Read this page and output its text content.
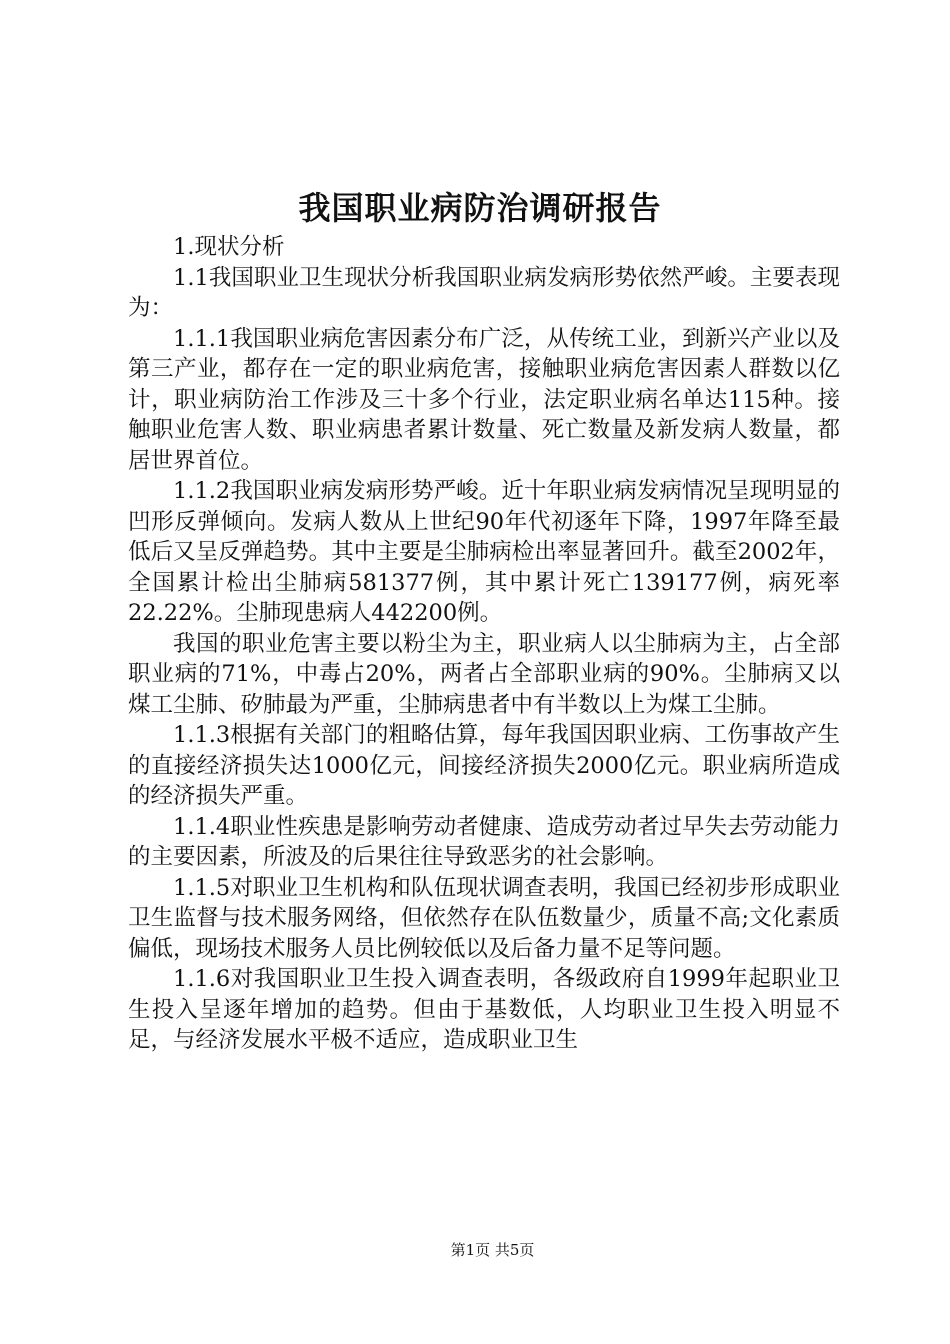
我国职业病防治调研报告

1.现状分析

1.1我国职业卫生现状分析我国职业病发病形势依然严峻。主要表现为：

1.1.1我国职业病危害因素分布广泛，从传统工业，到新兴产业以及第三产业，都存在一定的职业病危害，接触职业病危害因素人群数以亿计，职业病防治工作涉及三十多个行业，法定职业病名单达115种。接触职业危害人数、职业病患者累计数量、死亡数量及新发病人数量，都居世界首位。

1.1.2我国职业病发病形势严峻。近十年职业病发病情况呈现明显的凹形反弹倾向。发病人数从上世纪90年代初逐年下降，1997年降至最低后又呈反弹趋势。其中主要是尘肺病检出率显著回升。截至2002年，全国累计检出尘肺病581377例，其中累计死亡139177例，病死率22.22%。尘肺现患病人442200例。

我国的职业危害主要以粉尘为主，职业病人以尘肺病为主，占全部职业病的71%，中毒占20%，两者占全部职业病的90%。尘肺病又以煤工尘肺、矽肺最为严重，尘肺病患者中有半数以上为煤工尘肺。

1.1.3根据有关部门的粗略估算，每年我国因职业病、工伤事故产生的直接经济损失达1000亿元，间接经济损失2000亿元。职业病所造成的经济损失严重。

1.1.4职业性疾患是影响劳动者健康、造成劳动者过早失去劳动能力的主要因素，所波及的后果往往导致恶劣的社会影响。

1.1.5对职业卫生机构和队伍现状调查表明，我国已经初步形成职业卫生监督与技术服务网络，但依然存在队伍数量少，质量不高;文化素质偏低，现场技术服务人员比例较低以及后备力量不足等问题。

1.1.6对我国职业卫生投入调查表明，各级政府自1999年起职业卫生投入呈逐年增加的趋势。但由于基数低，人均职业卫生投入明显不足，与经济发展水平极不适应，造成职业卫生

第1页 共5页
